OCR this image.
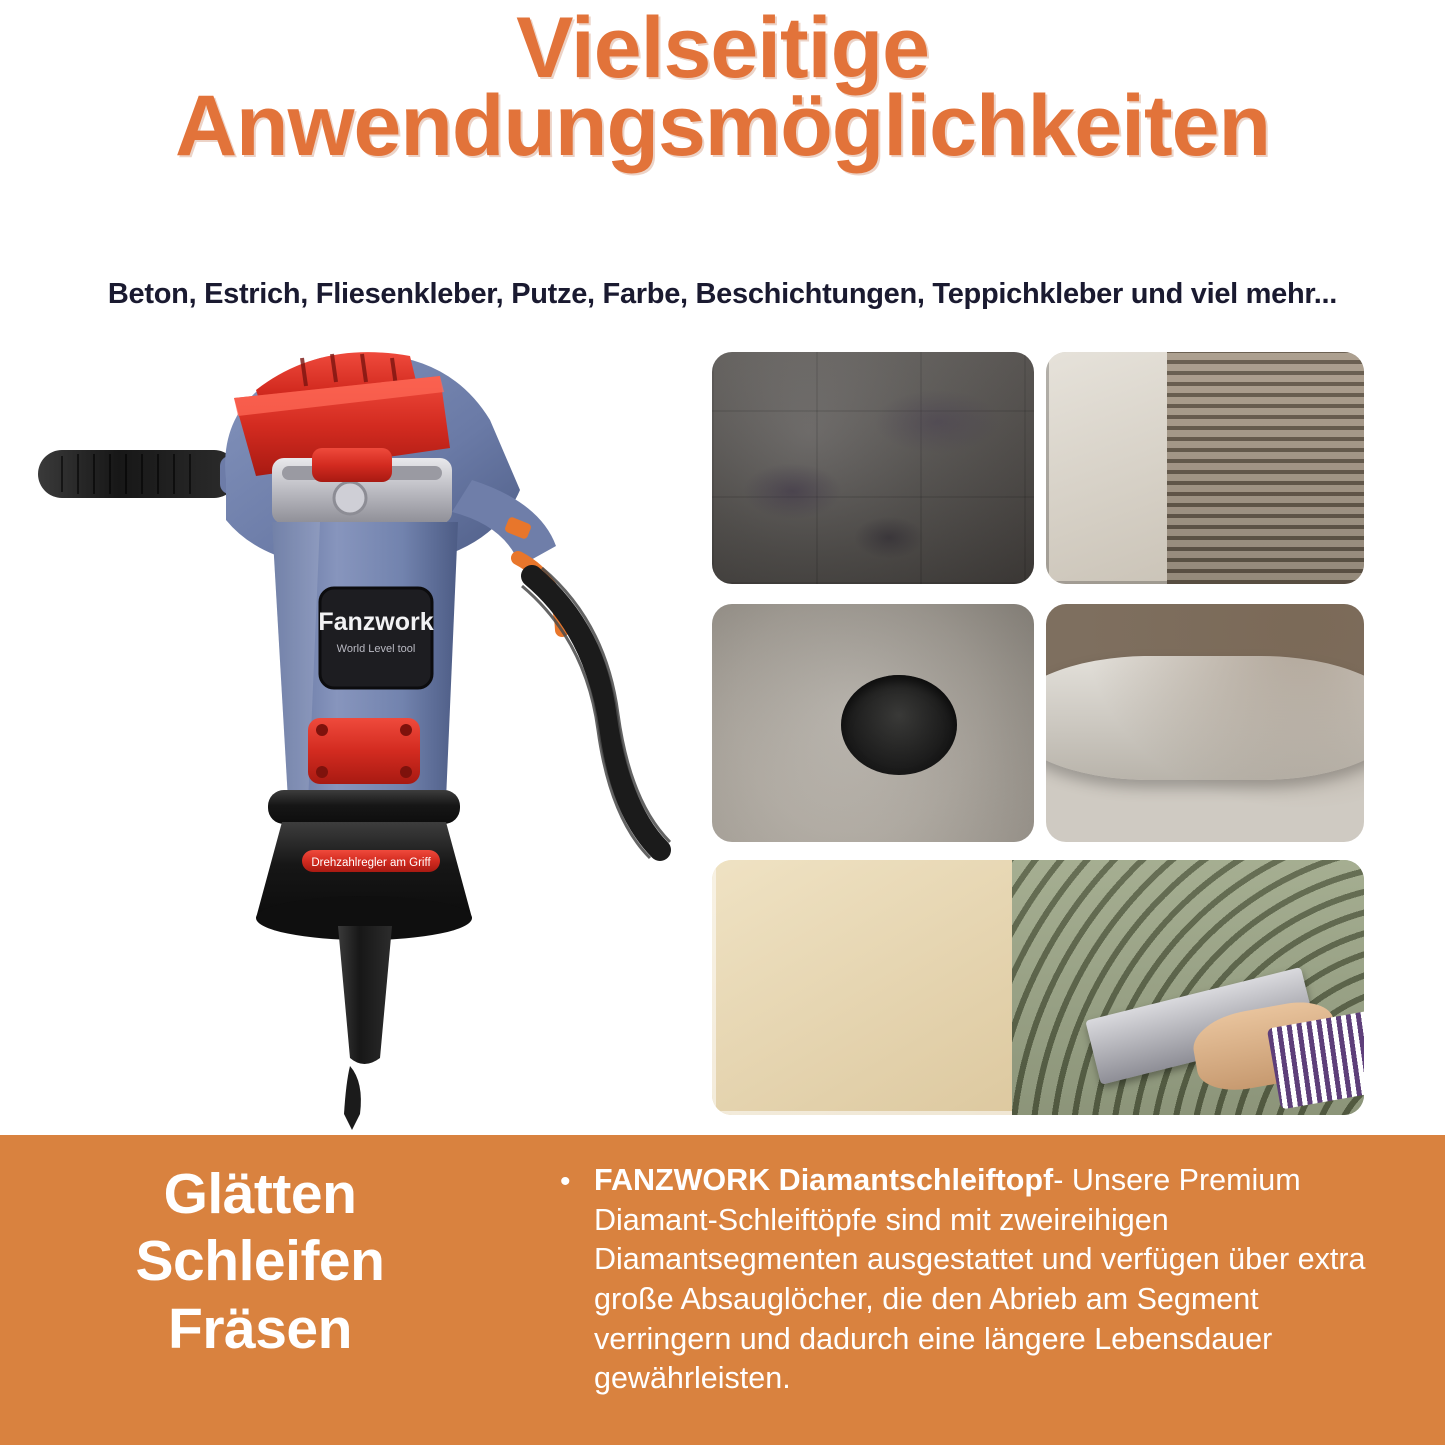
Vielseitige
Anwendungsmöglichkeiten
Beton, Estrich, Fliesenkleber, Putze, Farbe, Beschichtungen, Teppichkleber und viel mehr...
Fanzwork
World Level tool
Drehzahlregler am Griff
Glätten
Schleifen
Fräsen
• FANZWORK Diamantschleiftopf- Unsere Premium Diamant-Schleiftöpfe sind mit zweireihigen Diamantsegmenten ausgestattet und verfügen über extra große Absauglöcher, die den Abrieb am Segment verringern und dadurch eine längere Lebensdauer gewährleisten.
